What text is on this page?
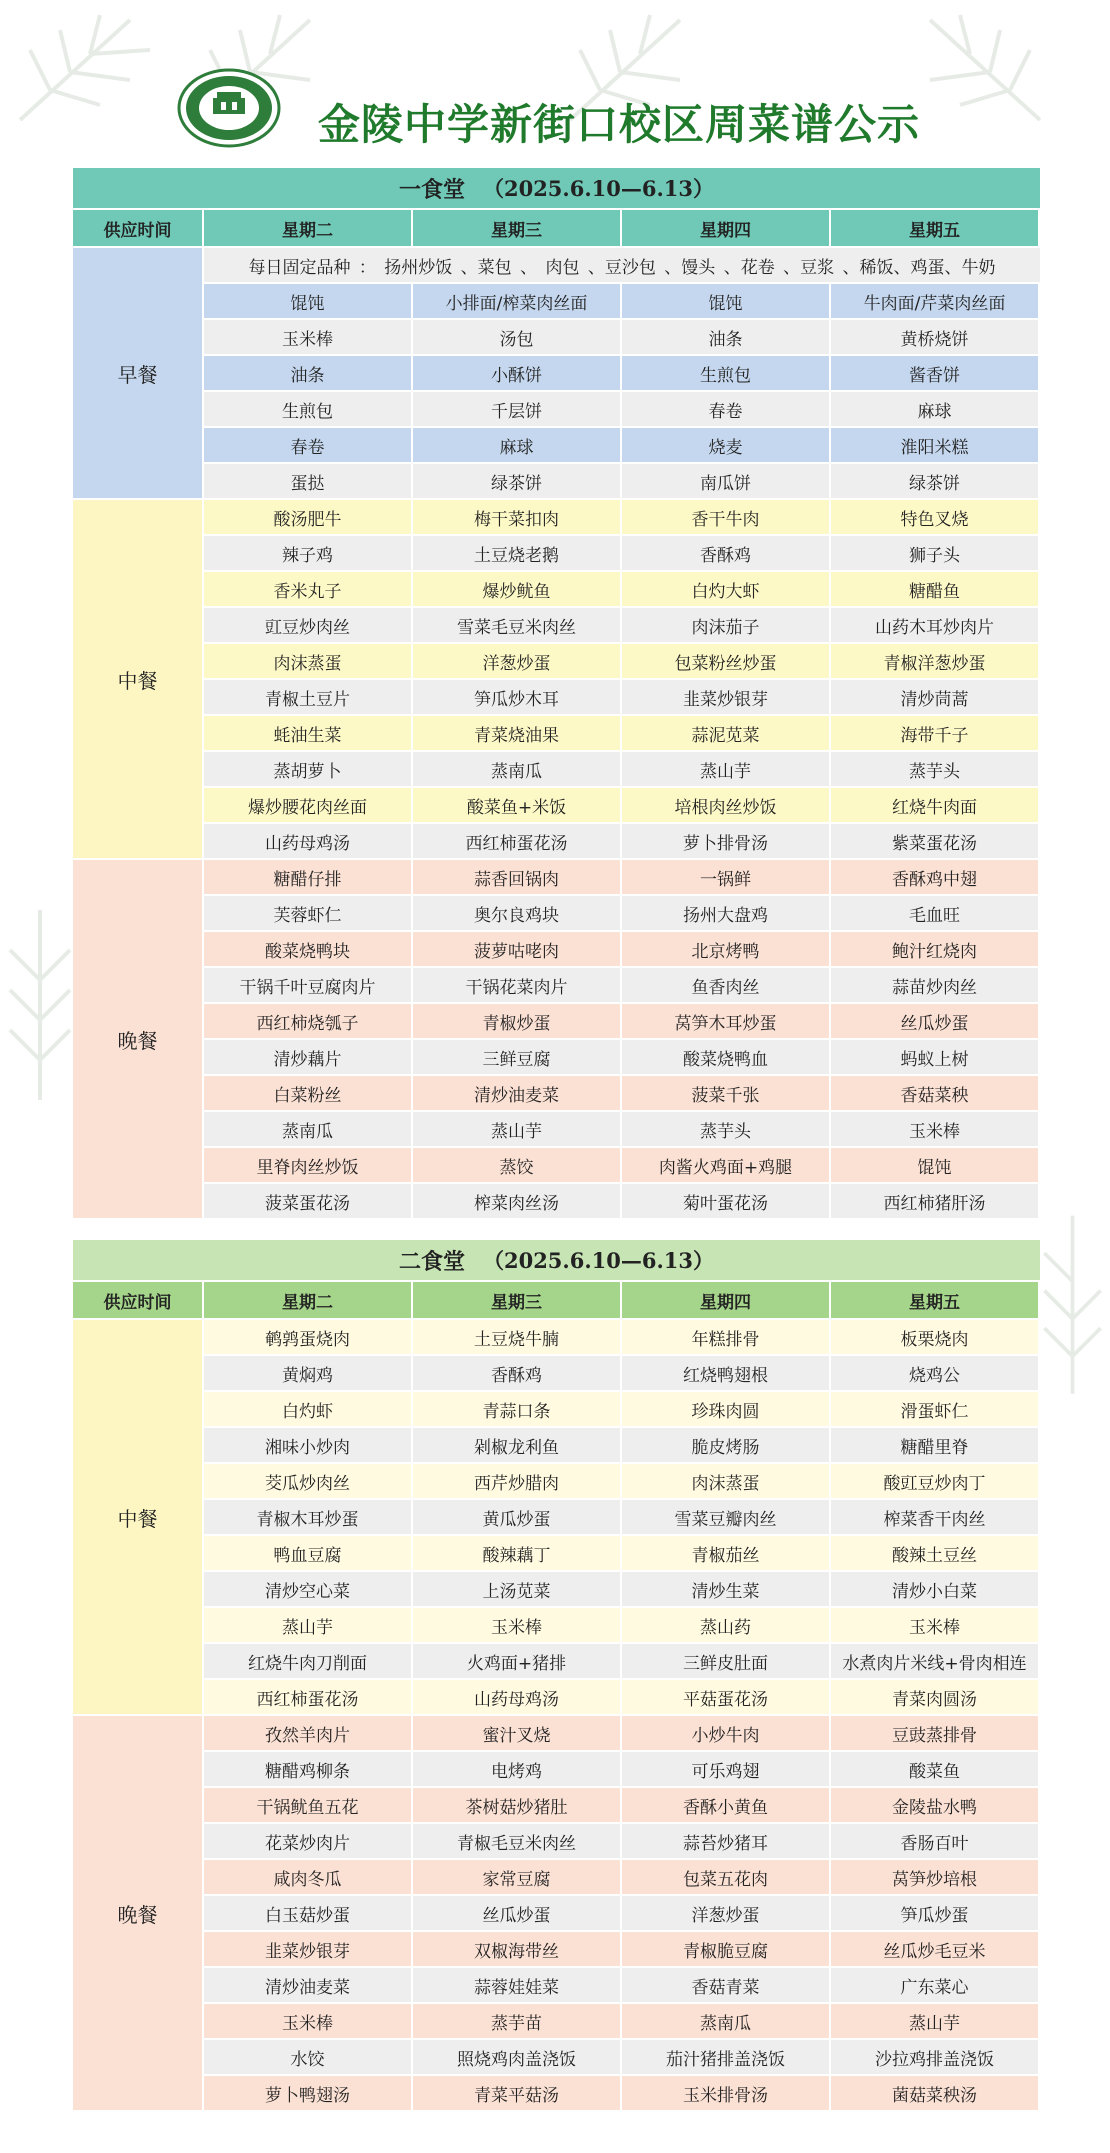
金陵中学新街口校区周菜谱公示
一食堂 （2025.6.10—6.13）
供应时间	星期二	星期三	星期四	星期五
早餐
每日固定品种 ： 扬州炒饭 、菜包 、 肉包 、豆沙包 、馒头 、花卷 、豆浆 、稀饭、鸡蛋、牛奶
馄饨	小排面/榨菜肉丝面	馄饨	牛肉面/芹菜肉丝面
玉米棒	汤包	油条	黄桥烧饼
油条	小酥饼	生煎包	酱香饼
生煎包	千层饼	春卷	麻球
春卷	麻球	烧麦	淮阳米糕
蛋挞	绿茶饼	南瓜饼	绿茶饼
中餐
酸汤肥牛	梅干菜扣肉	香干牛肉	特色叉烧
辣子鸡	土豆烧老鹅	香酥鸡	狮子头
香米丸子	爆炒鱿鱼	白灼大虾	糖醋鱼
豇豆炒肉丝	雪菜毛豆米肉丝	肉沫茄子	山药木耳炒肉片
肉沫蒸蛋	洋葱炒蛋	包菜粉丝炒蛋	青椒洋葱炒蛋
青椒土豆片	笋瓜炒木耳	韭菜炒银芽	清炒茼蒿
蚝油生菜	青菜烧油果	蒜泥苋菜	海带千子
蒸胡萝卜	蒸南瓜	蒸山芋	蒸芋头
爆炒腰花肉丝面	酸菜鱼+米饭	培根肉丝炒饭	红烧牛肉面
山药母鸡汤	西红柿蛋花汤	萝卜排骨汤	紫菜蛋花汤
晚餐
糖醋仔排	蒜香回锅肉	一锅鲜	香酥鸡中翅
芙蓉虾仁	奥尔良鸡块	扬州大盘鸡	毛血旺
酸菜烧鸭块	菠萝咕咾肉	北京烤鸭	鲍汁红烧肉
干锅千叶豆腐肉片	干锅花菜肉片	鱼香肉丝	蒜苗炒肉丝
西红柿烧瓠子	青椒炒蛋	莴笋木耳炒蛋	丝瓜炒蛋
清炒藕片	三鲜豆腐	酸菜烧鸭血	蚂蚁上树
白菜粉丝	清炒油麦菜	菠菜千张	香菇菜秧
蒸南瓜	蒸山芋	蒸芋头	玉米棒
里脊肉丝炒饭	蒸饺	肉酱火鸡面+鸡腿	馄饨
菠菜蛋花汤	榨菜肉丝汤	菊叶蛋花汤	西红柿猪肝汤
二食堂 （2025.6.10—6.13）
供应时间	星期二	星期三	星期四	星期五
中餐
鹌鹑蛋烧肉	土豆烧牛腩	年糕排骨	板栗烧肉
黄焖鸡	香酥鸡	红烧鸭翅根	烧鸡公
白灼虾	青蒜口条	珍珠肉圆	滑蛋虾仁
湘味小炒肉	剁椒龙利鱼	脆皮烤肠	糖醋里脊
茭瓜炒肉丝	西芹炒腊肉	肉沫蒸蛋	酸豇豆炒肉丁
青椒木耳炒蛋	黄瓜炒蛋	雪菜豆瓣肉丝	榨菜香干肉丝
鸭血豆腐	酸辣藕丁	青椒茄丝	酸辣土豆丝
清炒空心菜	上汤苋菜	清炒生菜	清炒小白菜
蒸山芋	玉米棒	蒸山药	玉米棒
红烧牛肉刀削面	火鸡面+猪排	三鲜皮肚面	水煮肉片米线+骨肉相连
西红柿蛋花汤	山药母鸡汤	平菇蛋花汤	青菜肉圆汤
晚餐
孜然羊肉片	蜜汁叉烧	小炒牛肉	豆豉蒸排骨
糖醋鸡柳条	电烤鸡	可乐鸡翅	酸菜鱼
干锅鱿鱼五花	茶树菇炒猪肚	香酥小黄鱼	金陵盐水鸭
花菜炒肉片	青椒毛豆米肉丝	蒜苔炒猪耳	香肠百叶
咸肉冬瓜	家常豆腐	包菜五花肉	莴笋炒培根
白玉菇炒蛋	丝瓜炒蛋	洋葱炒蛋	笋瓜炒蛋
韭菜炒银芽	双椒海带丝	青椒脆豆腐	丝瓜炒毛豆米
清炒油麦菜	蒜蓉娃娃菜	香菇青菜	广东菜心
玉米棒	蒸芋苗	蒸南瓜	蒸山芋
水饺	照烧鸡肉盖浇饭	茄汁猪排盖浇饭	沙拉鸡排盖浇饭
萝卜鸭翅汤	青菜平菇汤	玉米排骨汤	菌菇菜秧汤
